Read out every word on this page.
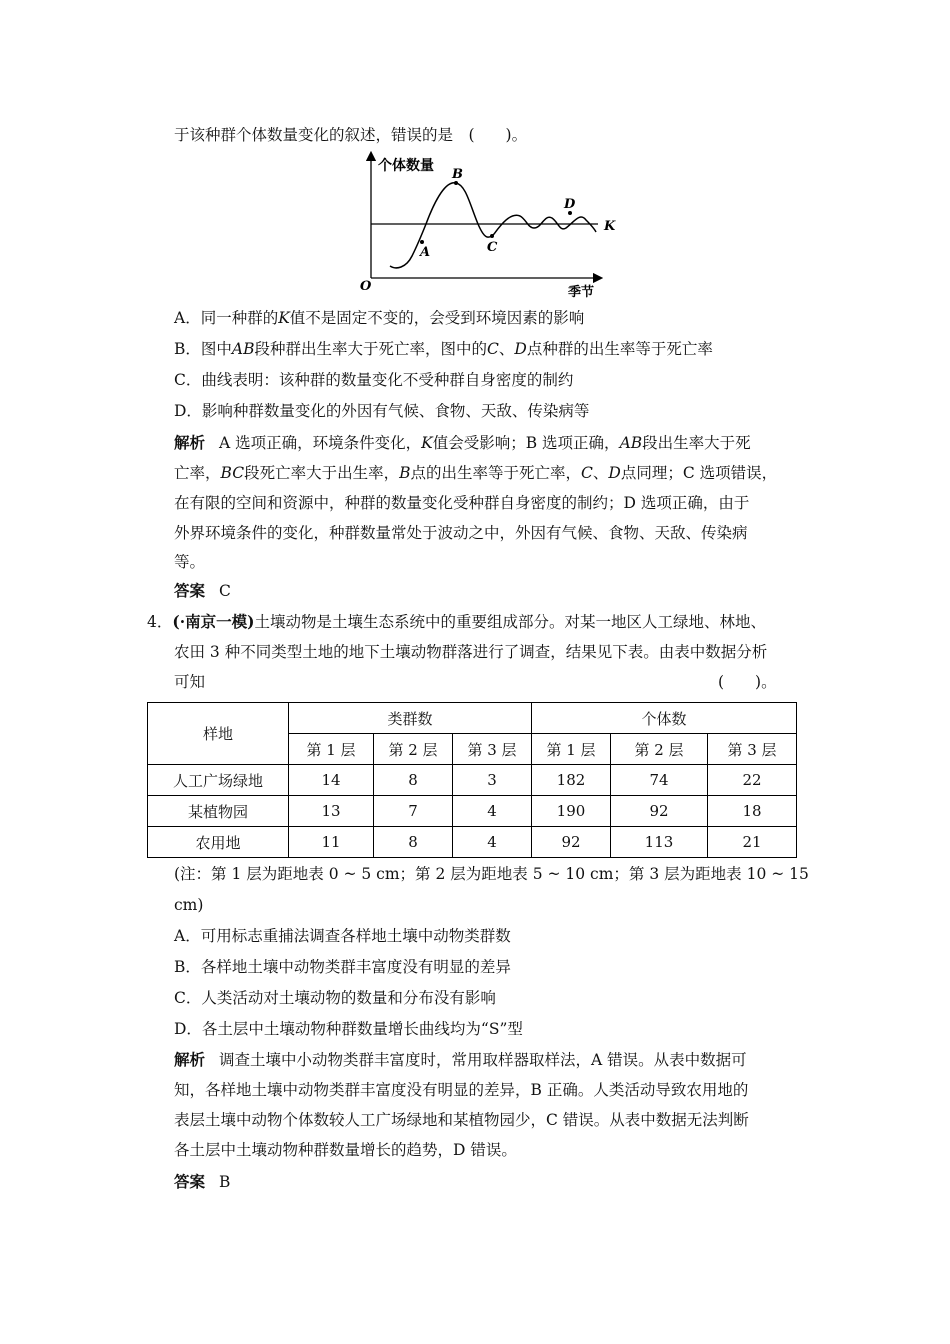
于该种群个体数量变化的叙述，错误的是　(　　)。
个体数量
季节
O
K
A
B
C
D
A．同一种群的K值不是固定不变的，会受到环境因素的影响
B．图中AB段种群出生率大于死亡率，图中的C、D点种群的出生率等于死亡率
C．曲线表明：该种群的数量变化不受种群自身密度的制约
D．影响种群数量变化的外因有气候、食物、天敌、传染病等
解析 A 选项正确，环境条件变化，K值会受影响；B 选项正确，AB段出生率大于死
亡率，BC段死亡率大于出生率，B点的出生率等于死亡率，C、D点同理；C 选项错误，
在有限的空间和资源中，种群的数量变化受种群自身密度的制约；D 选项正确，由于
外界环境条件的变化，种群数量常处于波动之中，外因有气候、食物、天敌、传染病
等。
答案 C
4．(·南京一模)土壤动物是土壤生态系统中的重要组成部分。对某一地区人工绿地、林地、
农田 3 种不同类型土地的地下土壤动物群落进行了调查，结果见下表。由表中数据分析
可知	(　　)。
样地	类群数			个体数		
	第 1 层	第 2 层	第 3 层	第 1 层	第 2 层	第 3 层
人工广场绿地	14	8	3	182	74	22
某植物园	13	7	4	190	92	18
农用地	11	8	4	92	113	21
(注：第 1 层为距地表 0 ~ 5 cm；第 2 层为距地表 5 ~ 10 cm；第 3 层为距地表 10 ~ 15
cm)
A．可用标志重捕法调查各样地土壤中动物类群数
B．各样地土壤中动物类群丰富度没有明显的差异
C．人类活动对土壤动物的数量和分布没有影响
D．各土层中土壤动物种群数量增长曲线均为“S”型
解析 调查土壤中小动物类群丰富度时，常用取样器取样法，A 错误。从表中数据可
知，各样地土壤中动物类群丰富度没有明显的差异，B 正确。人类活动导致农用地的
表层土壤中动物个体数较人工广场绿地和某植物园少，C 错误。从表中数据无法判断
各土层中土壤动物种群数量增长的趋势，D 错误。
答案 B
